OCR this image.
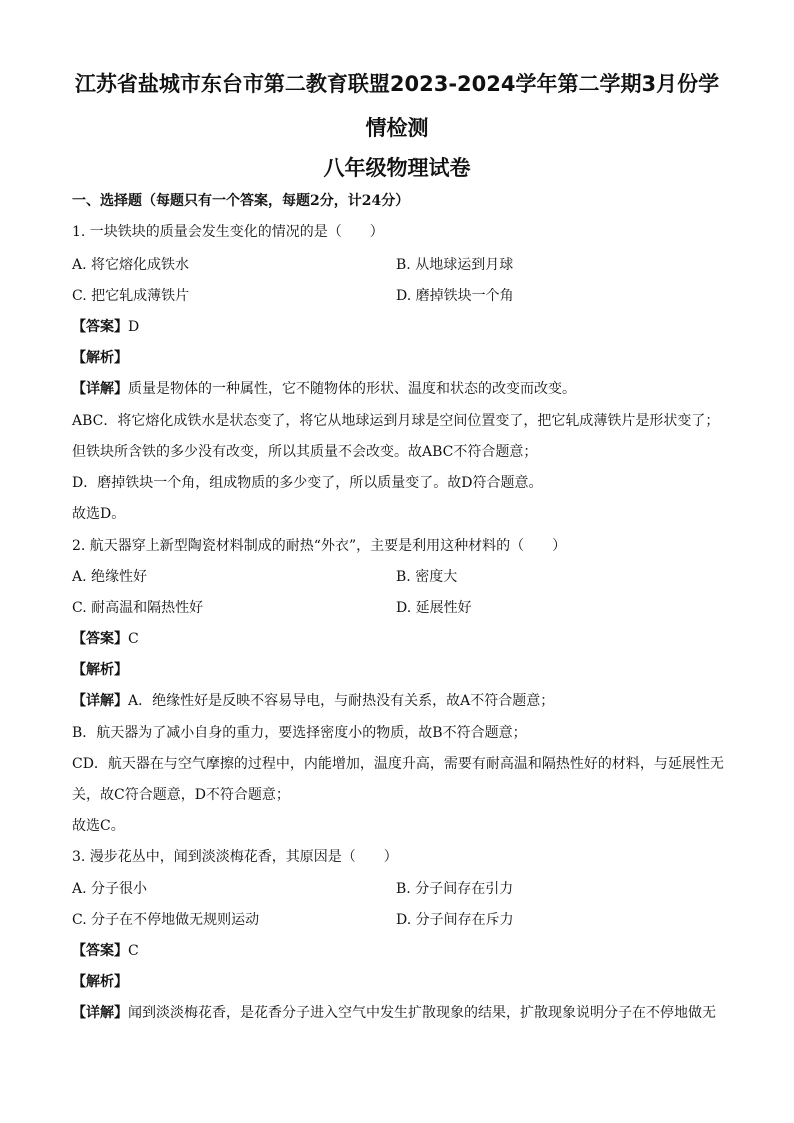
江苏省盐城市东台市第二教育联盟2023-2024学年第二学期3月份学
情检测
八年级物理试卷
一、选择题（每题只有一个答案，每题2分，计24分）
1. 一块铁块的质量会发生变化的情况的是（　　）
A. 将它熔化成铁水	B. 从地球运到月球
C. 把它轧成薄铁片	D. 磨掉铁块一个角
【答案】D
【解析】
【详解】质量是物体的一种属性，它不随物体的形状、温度和状态的改变而改变。
ABC．将它熔化成铁水是状态变了，将它从地球运到月球是空间位置变了，把它轧成薄铁片是形状变了；
但铁块所含铁的多少没有改变，所以其质量不会改变。故ABC不符合题意；
D．磨掉铁块一个角，组成物质的多少变了，所以质量变了。故D符合题意。
故选D。
2. 航天器穿上新型陶瓷材料制成的耐热“外衣”，主要是利用这种材料的（　　）
A. 绝缘性好	B. 密度大
C. 耐高温和隔热性好	D. 延展性好
【答案】C
【解析】
【详解】A．绝缘性好是反映不容易导电，与耐热没有关系，故A不符合题意；
B．航天器为了减小自身的重力，要选择密度小的物质，故B不符合题意；
CD．航天器在与空气摩擦的过程中，内能增加，温度升高，需要有耐高温和隔热性好的材料，与延展性无
关，故C符合题意，D不符合题意；
故选C。
3. 漫步花丛中，闻到淡淡梅花香，其原因是（　　）
A. 分子很小	B. 分子间存在引力
C. 分子在不停地做无规则运动	D. 分子间存在斥力
【答案】C
【解析】
【详解】闻到淡淡梅花香，是花香分子进入空气中发生扩散现象的结果，扩散现象说明分子在不停地做无
